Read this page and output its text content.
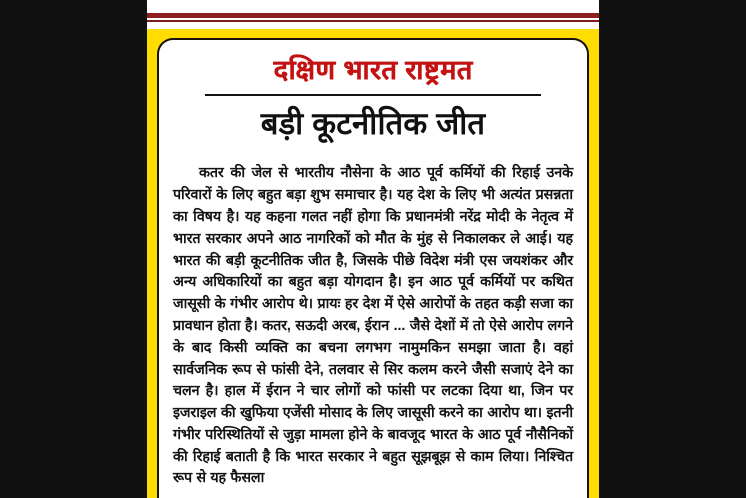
दक्षिण भारत राष्ट्रमत
बड़ी कूटनीतिक जीत

कतर की जेल से भारतीय नौसेना के आठ पूर्व कर्मियों की रिहाई उनके परिवारों के लिए बहुत बड़ा शुभ समाचार है। यह देश के लिए भी अत्यंत प्रसन्नता का विषय है। यह कहना गलत नहीं होगा कि प्रधानमंत्री नरेंद्र मोदी के नेतृत्व में भारत सरकार अपने आठ नागरिकों को मौत के मुंह से निकालकर ले आई। यह भारत की बड़ी कूटनीतिक जीत है, जिसके पीछे विदेश मंत्री एस जयशंकर और अन्य अधिकारियों का बहुत बड़ा योगदान है। इन आठ पूर्व कर्मियों पर कथित जासूसी के गंभीर आरोप थे। प्रायः हर देश में ऐसे आरोपों के तहत कड़ी सजा का प्रावधान होता है। कतर, सऊदी अरब, ईरान ... जैसे देशों में तो ऐसे आरोप लगने के बाद किसी व्यक्ति का बचना लगभग नामुमकिन समझा जाता है। वहां सार्वजनिक रूप से फांसी देने, तलवार से सिर कलम करने जैसी सजाएं देने का चलन है। हाल में ईरान ने चार लोगों को फांसी पर लटका दिया था, जिन पर इजराइल की खुफिया एजेंसी मोसाद के लिए जासूसी करने का आरोप था। इतनी गंभीर परिस्थितियों से जुड़ा मामला होने के बावजूद भारत के आठ पूर्व नौसैनिकों की रिहाई बताती है कि भारत सरकार ने बहुत सूझबूझ से काम लिया। निश्चित रूप से यह फैसला
